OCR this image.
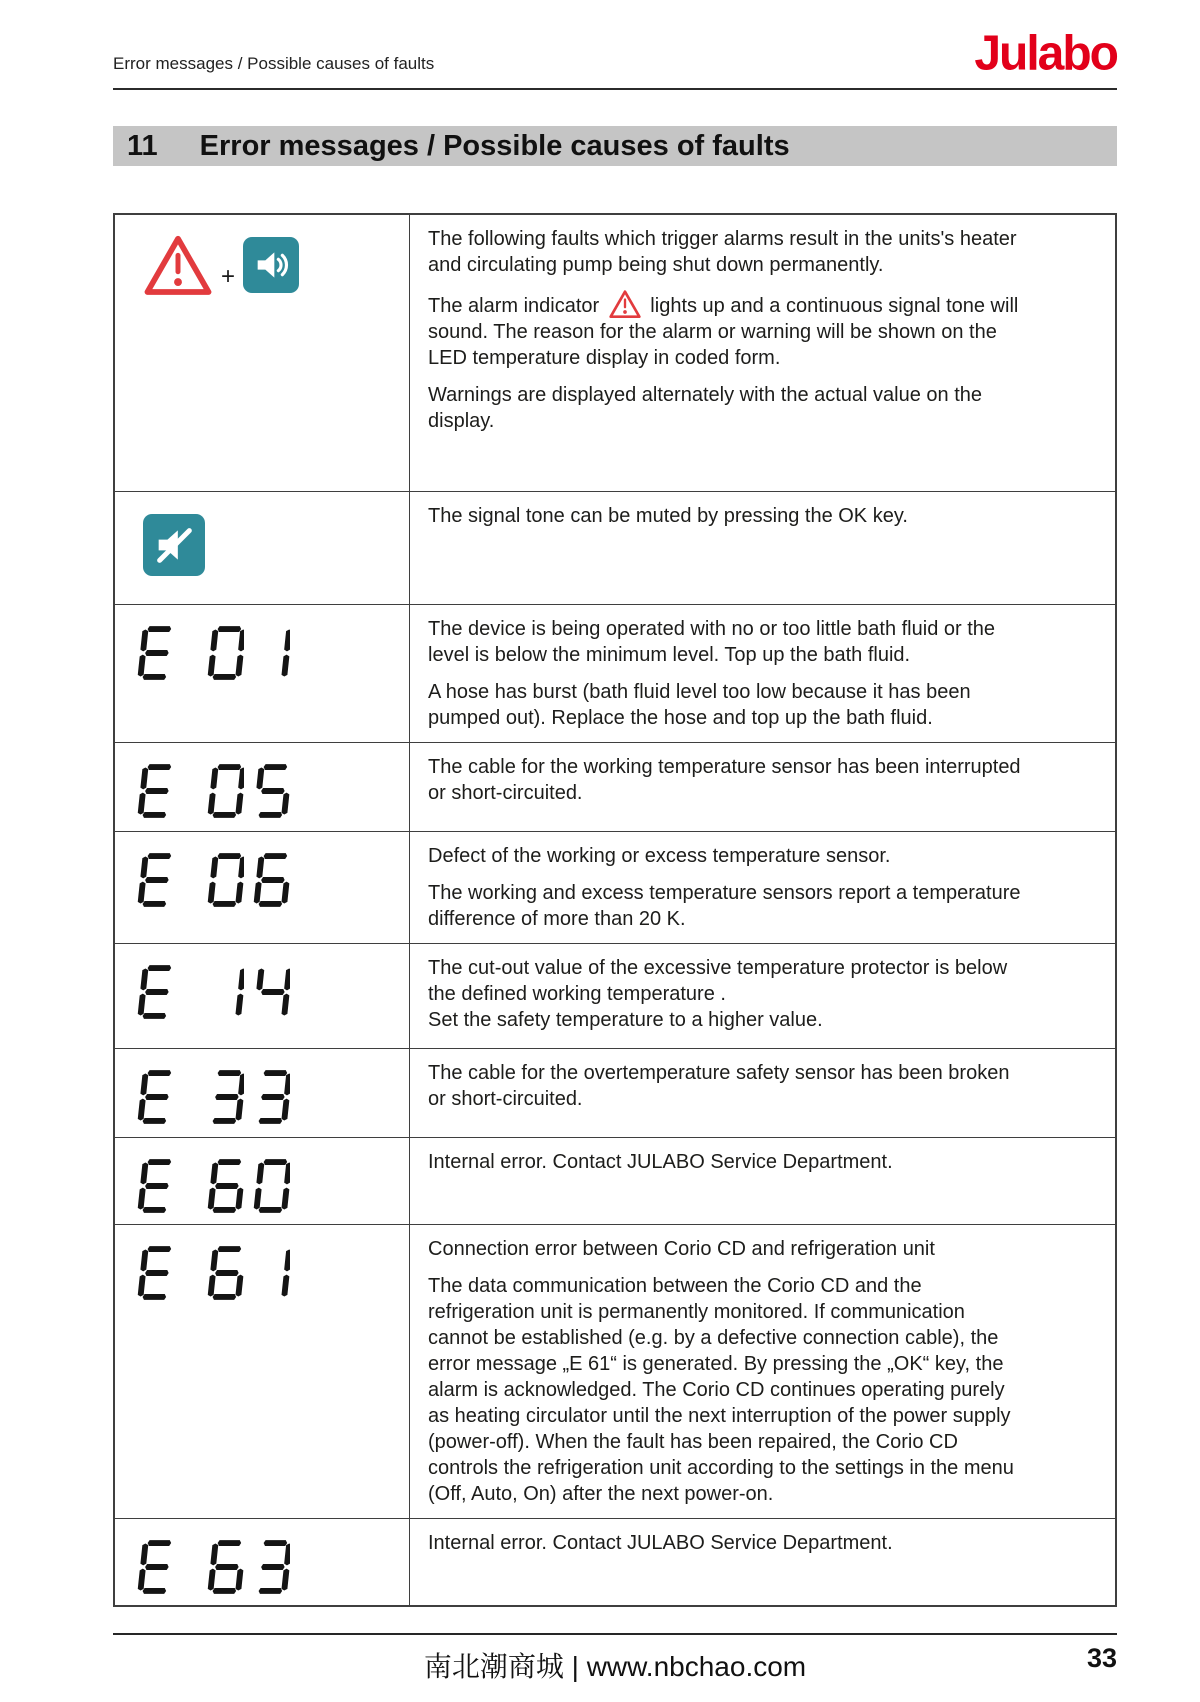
Error messages / Possible causes of faults	Julabo
11 Error messages / Possible causes of faults
+

The following faults which trigger alarms result in the units's heater and circulating pump being shut down permanently.

The alarm indicator  lights up and a continuous signal tone will sound. The reason for the alarm or warning will be shown on the LED temperature display in coded form.

Warnings are displayed alternately with the actual value on the display.

The signal tone can be muted by pressing the OK key.

The device is being operated with no or too little bath fluid or the level is below the minimum level. Top up the bath fluid.

A hose has burst (bath fluid level too low because it has been pumped out). Replace the hose and top up the bath fluid.

The cable for the working temperature sensor has been interrupted or short-circuited.

Defect of the working or excess temperature sensor.

The working and excess temperature sensors report a temperature difference of more than 20 K.

The cut-out value of the excessive temperature protector is below the defined working temperature .
Set the safety temperature to a higher value.

The cable for the overtemperature safety sensor has been broken or short-circuited.

Internal error. Contact JULABO Service Department.

Connection error between Corio CD and refrigeration unit

The data communication between the Corio CD and the refrigeration unit is permanently monitored. If communication cannot be established (e.g. by a defective connection cable), the error message „E 61“ is generated. By pressing the „OK“ key, the alarm is acknowledged. The Corio CD continues operating purely as heating circulator until the next interruption of the power supply (power-off). When the fault has been repaired, the Corio CD controls the refrigeration unit according to the settings in the menu (Off, Auto, On) after the next power-on.

Internal error. Contact JULABO Service Department.

南北潮商城 | www.nbchao.com	33
